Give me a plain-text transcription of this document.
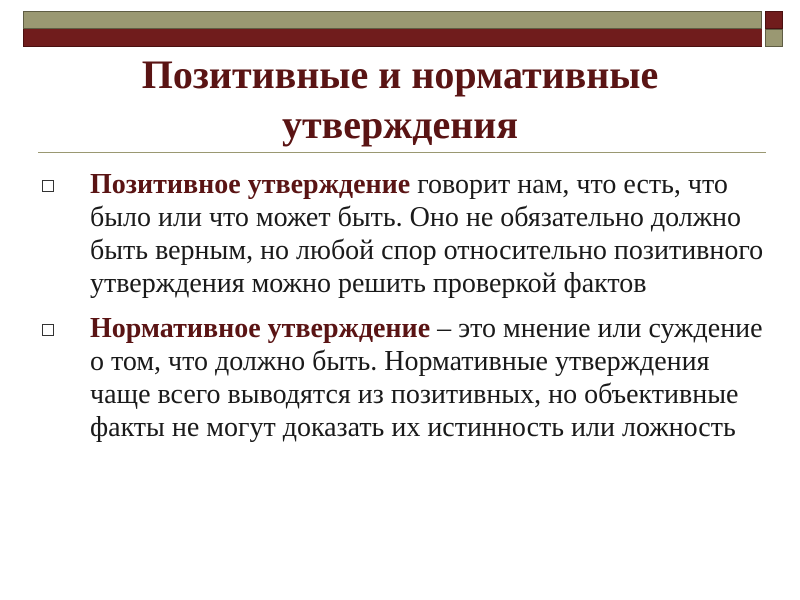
Позитивные и нормативные
утверждения
Позитивное утверждение говорит нам, что есть, что было или что может быть. Оно не обязательно должно быть верным, но любой спор относительно позитивного утверждения можно решить проверкой фактов
Нормативное утверждение – это мнение или суждение о том, что должно быть. Нормативные утверждения чаще всего выводятся из позитивных, но объективные факты не могут доказать их истинность или ложность
